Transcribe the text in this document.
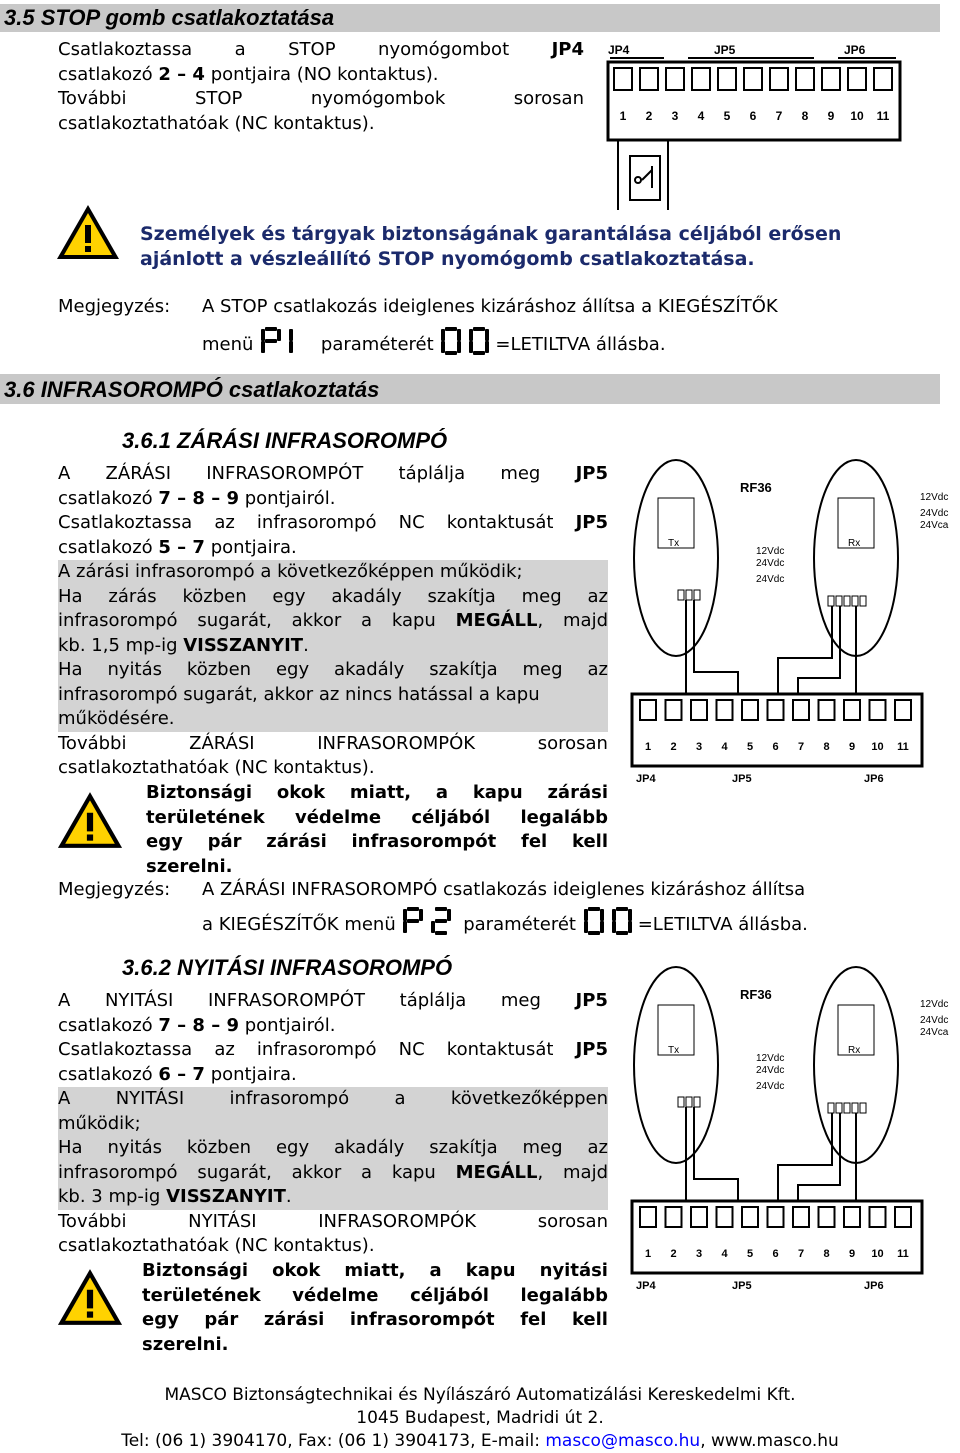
3.5 STOP gomb csatlakoztatása
Csatlakoztassa a STOP nyomógombot JP4
csatlakozó 2 – 4 pontjaira (NO kontaktus).
További	STOP	nyomógombok	sorosan
csatlakoztathatóak (NC kontaktus).
JP4	JP5	JP6
1 2 3 4 5 6 7 8 9 10 11
Személyek és tárgyak biztonságának garantálása céljából erősen
ajánlott a vészleállító STOP nyomógomb csatlakoztatása.
Megjegyzés: A STOP csatlakozás ideiglenes kizáráshoz állítsa a KIEGÉSZÍTŐK
menü	paraméterét	=LETILTVA állásba.
3.6 INFRASOROMPÓ csatlakoztatás
3.6.1 ZÁRÁSI INFRASOROMPÓ
A ZÁRÁSI INFRASOROMPÓT táplálja meg JP5
csatlakozó 7 – 8 – 9 pontjairól.
Csatlakoztassa az infrasorompó NC kontaktusát JP5
csatlakozó 5 – 7 pontjaira.
A zárási infrasorompó a következőképpen működik;
Ha zárás közben egy akadály szakítja meg az
infrasorompó sugarát, akkor a kapu MEGÁLL, majd
kb. 1,5 mp-ig VISSZANYIT.
Ha nyitás közben egy akadály szakítja meg az
infrasorompó sugarát, akkor az nincs hatással a kapu
működésére.
További	ZÁRÁSI	INFRASOROMPÓK	sorosan
csatlakoztathatóak (NC kontaktus).
Biztonsági okok miatt, a kapu zárási
területének védelme céljából legalább
egy pár zárási infrasorompót fel kell
szerelni.
RF36
Tx	Rx
12Vdc
24Vdc
24Vdc
12Vdc
24Vdc
24Vca
1 2 3 4 5 6 7 8 9 10 11
JP4	JP5	JP6
Megjegyzés: A ZÁRÁSI INFRASOROMPÓ csatlakozás ideiglenes kizáráshoz állítsa
a KIEGÉSZÍTŐK menü	paraméterét	=LETILTVA állásba.
3.6.2 NYITÁSI INFRASOROMPÓ
A NYITÁSI INFRASOROMPÓT táplálja meg JP5
csatlakozó 7 – 8 – 9 pontjairól.
Csatlakoztassa az infrasorompó NC kontaktusát JP5
csatlakozó 6 – 7 pontjaira.
A	NYITÁSI	infrasorompó	a	következőképpen
működik;
Ha nyitás közben egy akadály szakítja meg az
infrasorompó sugarát, akkor a kapu MEGÁLL, majd
kb. 3 mp-ig VISSZANYIT.
További	NYITÁSI	INFRASOROMPÓK	sorosan
csatlakoztathatóak (NC kontaktus).
Biztonsági okok miatt, a kapu nyitási
területének védelme céljából legalább
egy pár zárási infrasorompót fel kell
szerelni.
RF36
Tx	Rx
12Vdc
24Vdc
24Vdc
12Vdc
24Vdc
24Vca
1 2 3 4 5 6 7 8 9 10 11
JP4	JP5	JP6
MASCO Biztonságtechnikai és Nyílászáró Automatizálási Kereskedelmi Kft.
1045 Budapest, Madridi út 2.
Tel: (06 1) 3904170, Fax: (06 1) 3904173, E-mail: masco@masco.hu, www.masco.hu
